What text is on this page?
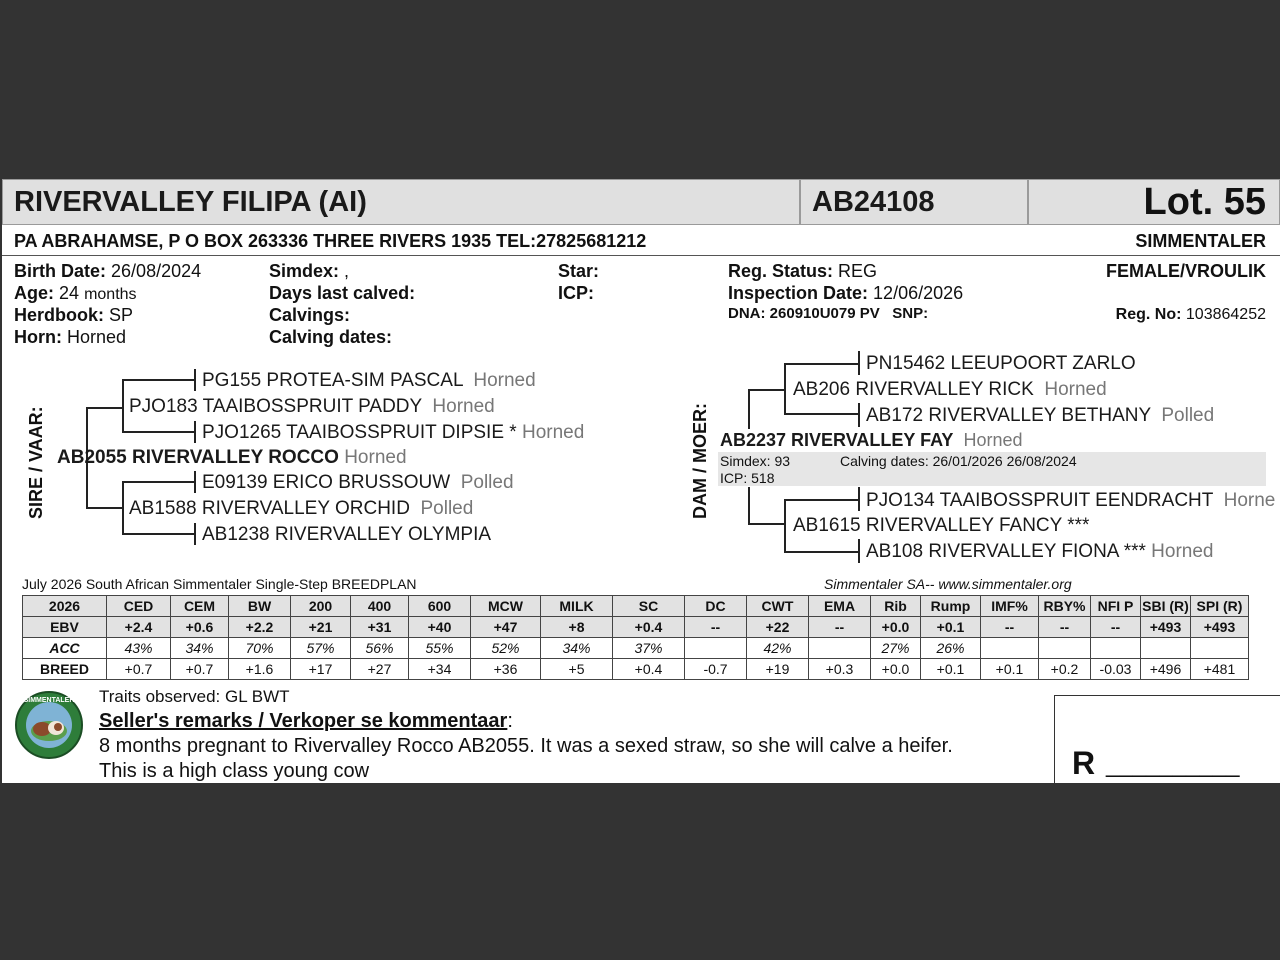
RIVERVALLEY FILIPA (AI)	AB24108	Lot. 55
PA ABRAHAMSE, P O BOX 263336 THREE RIVERS 1935 TEL:27825681212	SIMMENTALER
Birth Date: 26/08/2024
Age: 24 months
Herdbook: SP
Horn: Horned
Simdex: ,
Days last calved:
Calvings:
Calving dates:
Star:
ICP:
Reg. Status: REG
Inspection Date: 12/06/2026
DNA: 260910U079 PV SNP:
FEMALE/VROULIK
Reg. No: 103864252
SIRE / VAAR:
PG155 PROTEA-SIM PASCAL Horned
PJO183 TAAIBOSSPRUIT PADDY Horned
PJO1265 TAAIBOSSPRUIT DIPSIE * Horned
AB2055 RIVERVALLEY ROCCO Horned
E09139 ERICO BRUSSOUW Polled
AB1588 RIVERVALLEY ORCHID Polled
AB1238 RIVERVALLEY OLYMPIA
DAM / MOER:
PN15462 LEEUPOORT ZARLO
AB206 RIVERVALLEY RICK Horned
AB172 RIVERVALLEY BETHANY Polled
AB2237 RIVERVALLEY FAY Horned
Simdex: 93	Calving dates: 26/01/2026 26/08/2024
ICP: 518
PJO134 TAAIBOSSPRUIT EENDRACHT Horne
AB1615 RIVERVALLEY FANCY ***
AB108 RIVERVALLEY FIONA *** Horned
July 2026 South African Simmentaler Single-Step BREEDPLAN	Simmentaler SA-- www.simmentaler.org
2026	CED	CEM	BW	200	400	600	MCW	MILK	SC	DC	CWT	EMA	Rib	Rump	IMF%	RBY%	NFI P	SBI (R)	SPI (R)
EBV	+2.4	+0.6	+2.2	+21	+31	+40	+47	+8	+0.4	--	+22	--	+0.0	+0.1	--	--	--	+493	+493
ACC	43%	34%	70%	57%	56%	55%	52%	34%	37%		42%		27%	26%					
BREED	+0.7	+0.7	+1.6	+17	+27	+34	+36	+5	+0.4	-0.7	+19	+0.3	+0.0	+0.1	+0.1	+0.2	-0.03	+496	+481
SIMMENTALER Traits observed: GL BWT
Seller's remarks / Verkoper se kommentaar:
8 months pregnant to Rivervalley Rocco AB2055. It was a sexed straw, so she will calve a heifer.
This is a high class young cow	R __________
